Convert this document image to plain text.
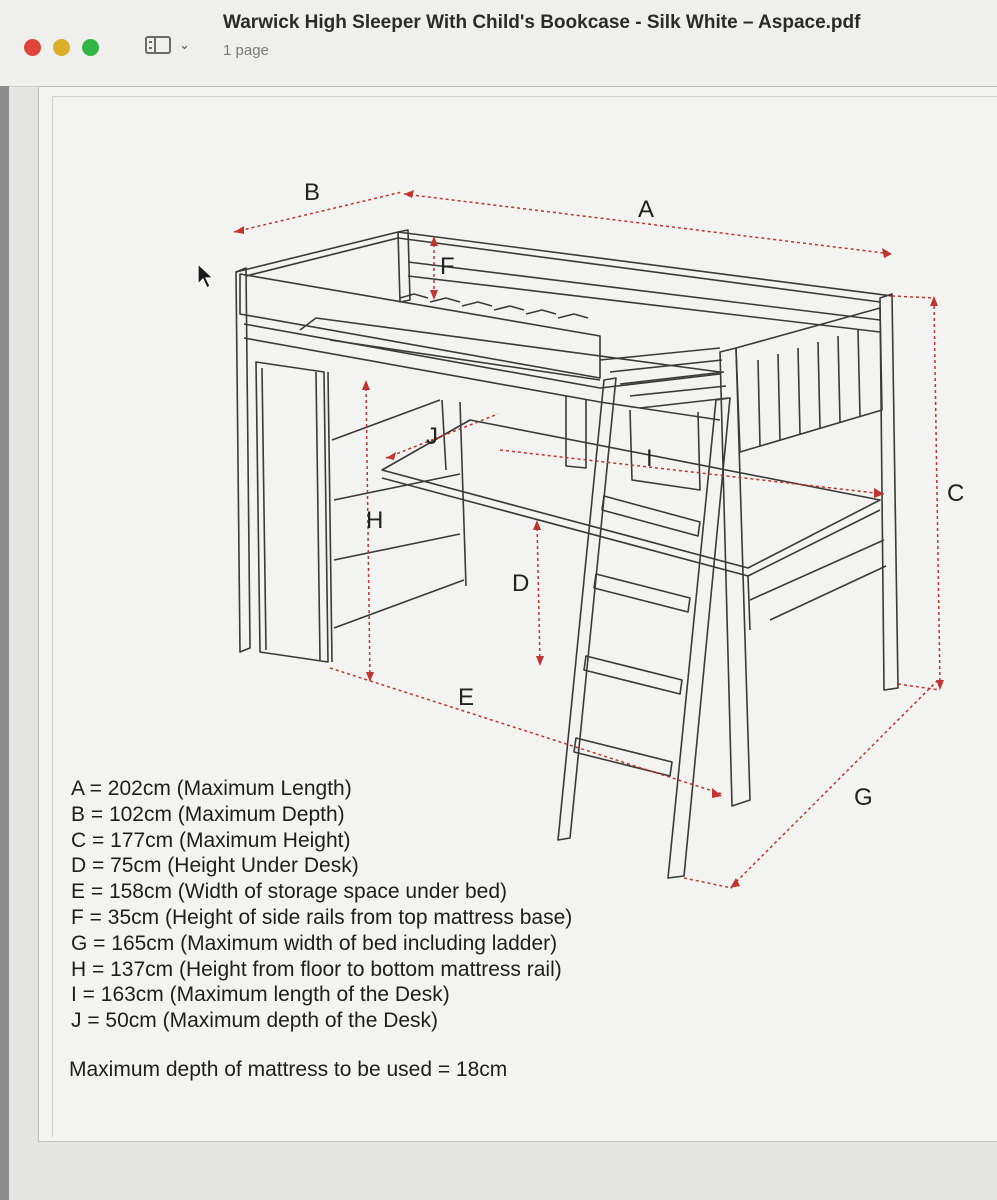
⌄
Warwick High Sleeper With Child's Bookcase - Silk White – Aspace.pdf
1 page
A
B
C
D
E
F
G
H
I
J
A = 202cm (Maximum Length)
B = 102cm (Maximum Depth)
C = 177cm (Maximum Height)
D = 75cm (Height Under Desk)
E = 158cm (Width of storage space under bed)
F = 35cm (Height of side rails from top mattress base)
G = 165cm (Maximum width of bed including ladder)
H = 137cm (Height from floor to bottom mattress rail)
I = 163cm (Maximum length of the Desk)
J = 50cm (Maximum depth of the Desk)
Maximum depth of mattress to be used = 18cm
